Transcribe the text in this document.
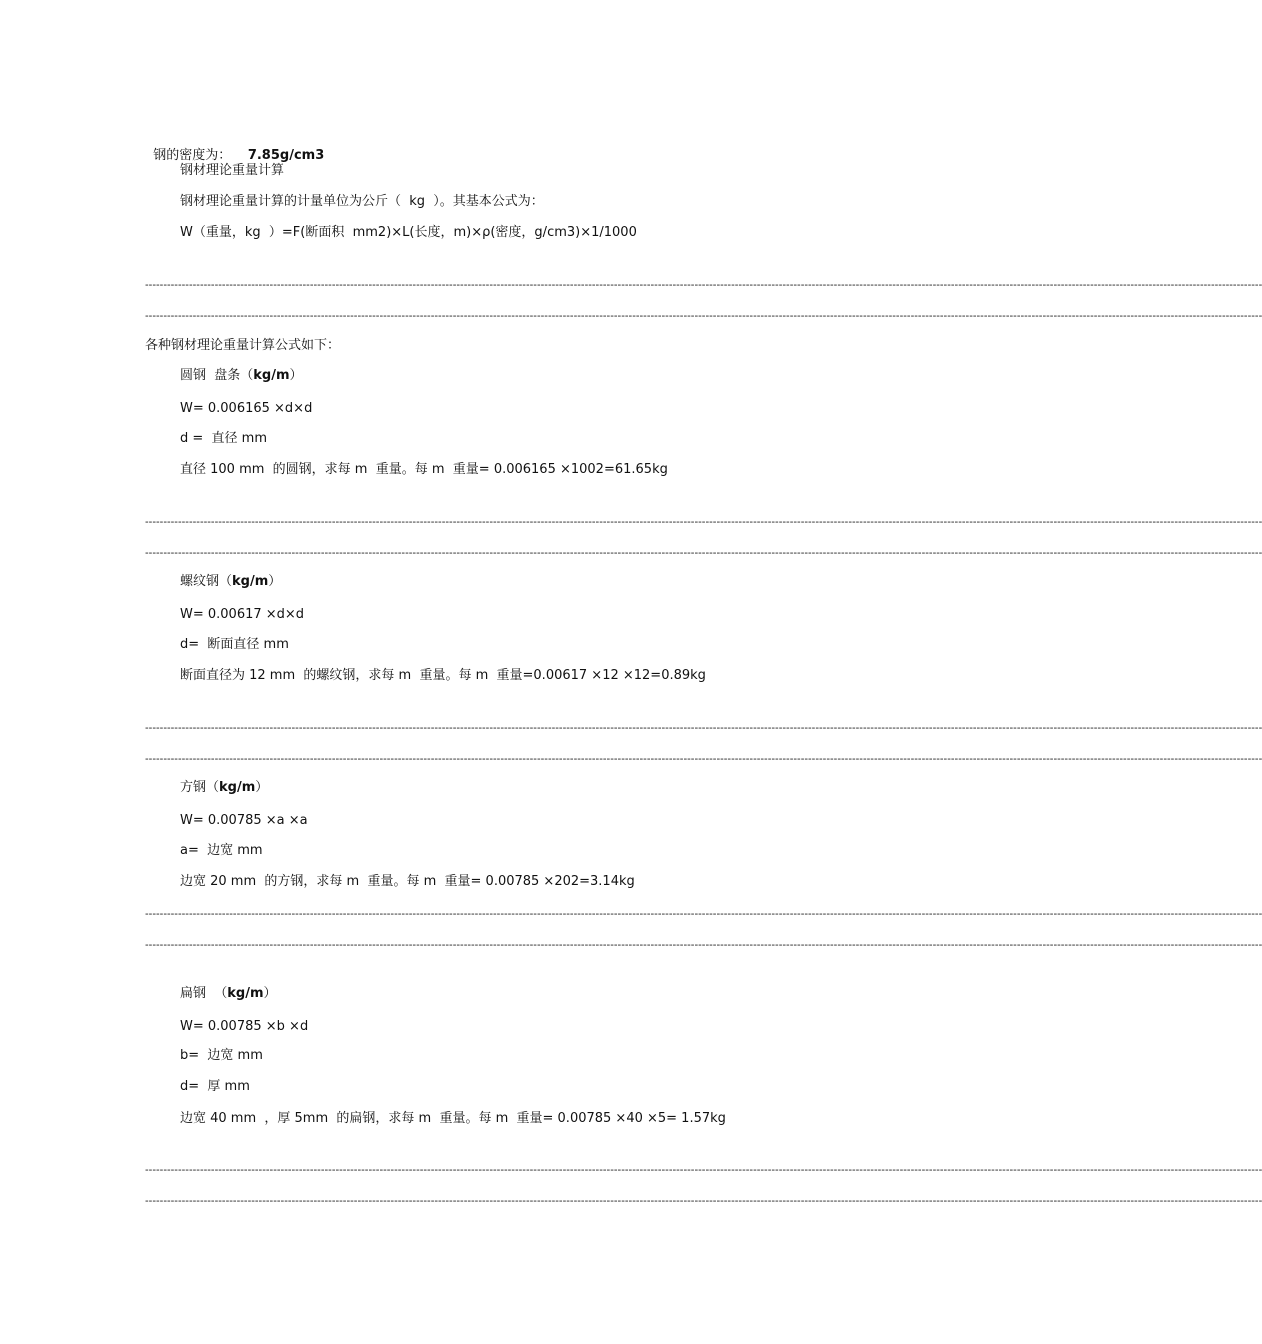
钢的密度为： 7.85g/cm3

钢材理论重量计算
钢材理论重量计算的计量单位为公斤（  kg  ）。其基本公式为：
W（重量，kg  ）=F(断面积  mm2)×L(长度，m)×ρ(密度，g/cm3)×1/1000
-----------------------------------------------------------------------------------------------------------------------------------------------------------------------------------------------------------------------------------------------------------------------------------------------------------------
-----------------------------------------------------------------------------------------------------------------------------------------------------------------------------------------------------------------------------------------------------------------------------------------------------------------
各种钢材理论重量计算公式如下：
圆钢  盘条（kg/m）
W= 0.006165 ×d×d
d =  直径 mm
直径 100 mm  的圆钢，求每 m  重量。每 m  重量= 0.006165 ×1002=61.65kg
-----------------------------------------------------------------------------------------------------------------------------------------------------------------------------------------------------------------------------------------------------------------------------------------------------------------
-----------------------------------------------------------------------------------------------------------------------------------------------------------------------------------------------------------------------------------------------------------------------------------------------------------------
螺纹钢（kg/m）
W= 0.00617 ×d×d
d=  断面直径 mm
断面直径为 12 mm  的螺纹钢，求每 m  重量。每 m  重量=0.00617 ×12 ×12=0.89kg
-----------------------------------------------------------------------------------------------------------------------------------------------------------------------------------------------------------------------------------------------------------------------------------------------------------------
-----------------------------------------------------------------------------------------------------------------------------------------------------------------------------------------------------------------------------------------------------------------------------------------------------------------
方钢（kg/m）
W= 0.00785 ×a ×a
a=  边宽 mm
边宽 20 mm  的方钢，求每 m  重量。每 m  重量= 0.00785 ×202=3.14kg
-----------------------------------------------------------------------------------------------------------------------------------------------------------------------------------------------------------------------------------------------------------------------------------------------------------------
-----------------------------------------------------------------------------------------------------------------------------------------------------------------------------------------------------------------------------------------------------------------------------------------------------------------
扁钢  （kg/m）
W= 0.00785 ×b ×d
b=  边宽 mm
d=  厚 mm
边宽 40 mm  ，厚 5mm  的扁钢，求每 m  重量。每 m  重量= 0.00785 ×40 ×5= 1.57kg
-----------------------------------------------------------------------------------------------------------------------------------------------------------------------------------------------------------------------------------------------------------------------------------------------------------------
-----------------------------------------------------------------------------------------------------------------------------------------------------------------------------------------------------------------------------------------------------------------------------------------------------------------
